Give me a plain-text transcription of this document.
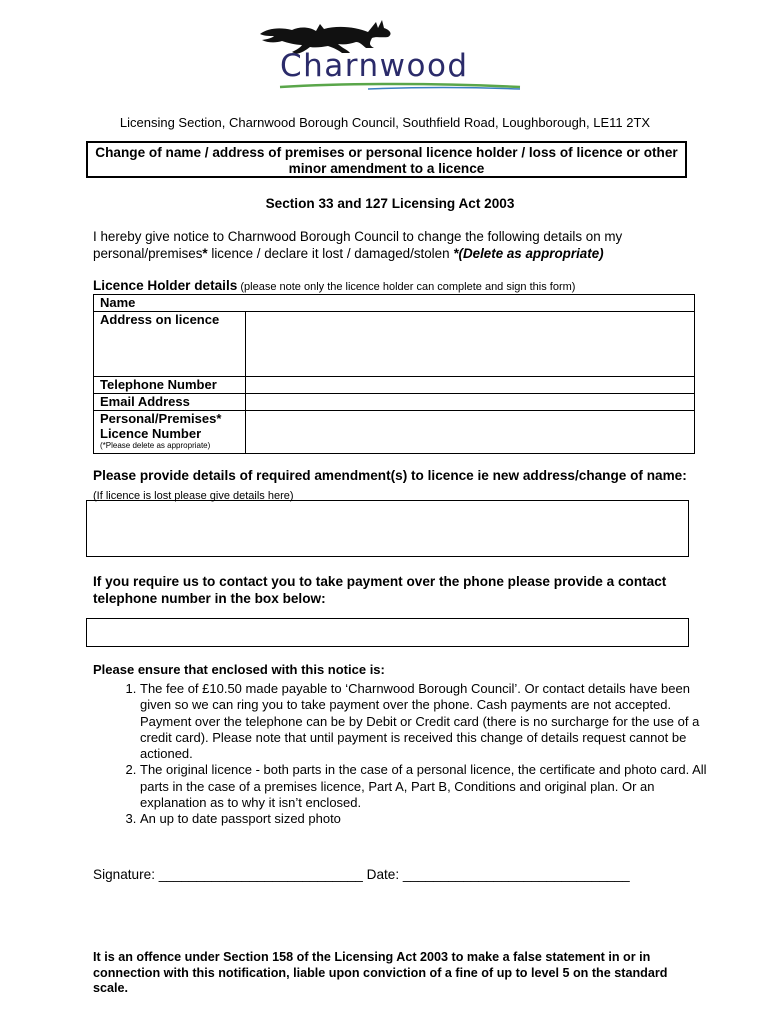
Charnwood
Licensing Section, Charnwood Borough Council, Southfield Road, Loughborough, LE11 2TX
Change of name / address of premises or personal licence holder / loss of licence or other minor amendment to a licence
Section 33 and 127 Licensing Act 2003
I hereby give notice to Charnwood Borough Council to change the following details on my personal/premises* licence / declare it lost / damaged/stolen *(Delete as appropriate)
Licence Holder details (please note only the licence holder can complete and sign this form)
Name	
Address on licence	
Telephone Number	
Email Address	
Personal/Premises* Licence Number
(*Please delete as appropriate)	

Please provide details of required amendment(s) to licence ie new address/change of name: (If licence is lost please give details here)
If you require us to contact you to take payment over the phone please provide a contact telephone number in the box below:
Please ensure that enclosed with this notice is:
1. The fee of £10.50 made payable to ‘Charnwood Borough Council’. Or contact details have been given so we can ring you to take payment over the phone. Cash payments are not accepted. Payment over the telephone can be by Debit or Credit card (there is no surcharge for the use of a credit card). Please note that until payment is received this change of details request cannot be actioned.
2. The original licence - both parts in the case of a personal licence, the certificate and photo card. All parts in the case of a premises licence, Part A, Part B, Conditions and original plan. Or an explanation as to why it isn’t enclosed.
3. An up to date passport sized photo
Signature: ___________________________ Date: ______________________________
It is an offence under Section 158 of the Licensing Act 2003 to make a false statement in or in connection with this notification, liable upon conviction of a fine of up to level 5 on the standard scale.
